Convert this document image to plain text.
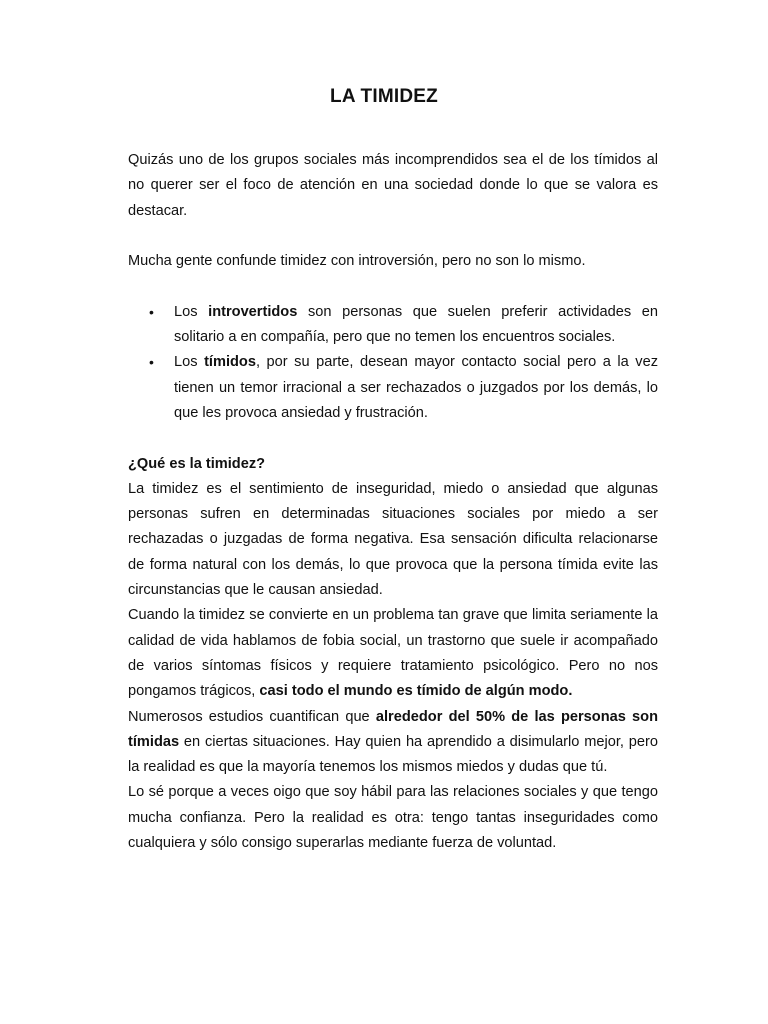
LA TIMIDEZ

Quizás uno de los grupos sociales más incomprendidos sea el de los tímidos al no querer ser el foco de atención en una sociedad donde lo que se valora es destacar.

Mucha gente confunde timidez con introversión, pero no son lo mismo.

• Los introvertidos son personas que suelen preferir actividades en solitario a en compañía, pero que no temen los encuentros sociales.
• Los tímidos, por su parte, desean mayor contacto social pero a la vez tienen un temor irracional a ser rechazados o juzgados por los demás, lo que les provoca ansiedad y frustración.

¿Qué es la timidez?

La timidez es el sentimiento de inseguridad, miedo o ansiedad que algunas personas sufren en determinadas situaciones sociales por miedo a ser rechazadas o juzgadas de forma negativa. Esa sensación dificulta relacionarse de forma natural con los demás, lo que provoca que la persona tímida evite las circunstancias que le causan ansiedad.

Cuando la timidez se convierte en un problema tan grave que limita seriamente la calidad de vida hablamos de fobia social, un trastorno que suele ir acompañado de varios síntomas físicos y requiere tratamiento psicológico. Pero no nos pongamos trágicos, casi todo el mundo es tímido de algún modo.

Numerosos estudios cuantifican que alrededor del 50% de las personas son tímidas en ciertas situaciones. Hay quien ha aprendido a disimularlo mejor, pero la realidad es que la mayoría tenemos los mismos miedos y dudas que tú.

Lo sé porque a veces oigo que soy hábil para las relaciones sociales y que tengo mucha confianza. Pero la realidad es otra: tengo tantas inseguridades como cualquiera y sólo consigo superarlas mediante fuerza de voluntad.
